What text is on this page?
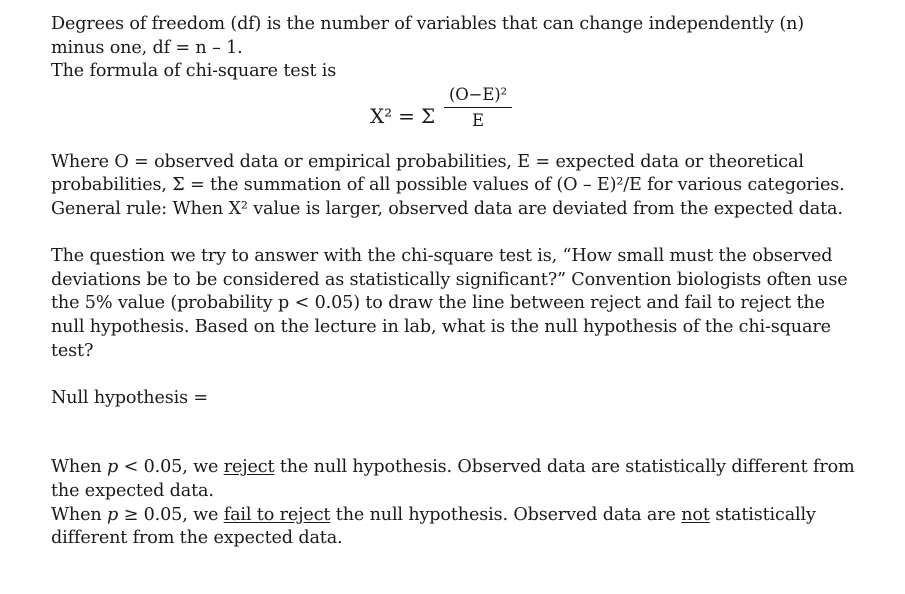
Degrees of freedom (df) is the number of variables that can change independently (n)
minus one, df = n – 1.
The formula of chi-square test is
X² = Σ
(O−E)²
E
Where O = observed data or empirical probabilities, E = expected data or theoretical
probabilities, Σ = the summation of all possible values of (O – E)²/E for various categories.
General rule: When X² value is larger, observed data are deviated from the expected data.
The question we try to answer with the chi-square test is, “How small must the observed
deviations be to be considered as statistically significant?” Convention biologists often use
the 5% value (probability p < 0.05) to draw the line between reject and fail to reject the
null hypothesis. Based on the lecture in lab, what is the null hypothesis of the chi-square
test?
Null hypothesis =
When p < 0.05, we reject the null hypothesis. Observed data are statistically different from
the expected data.
When p ≥ 0.05, we fail to reject the null hypothesis. Observed data are not statistically
different from the expected data.
